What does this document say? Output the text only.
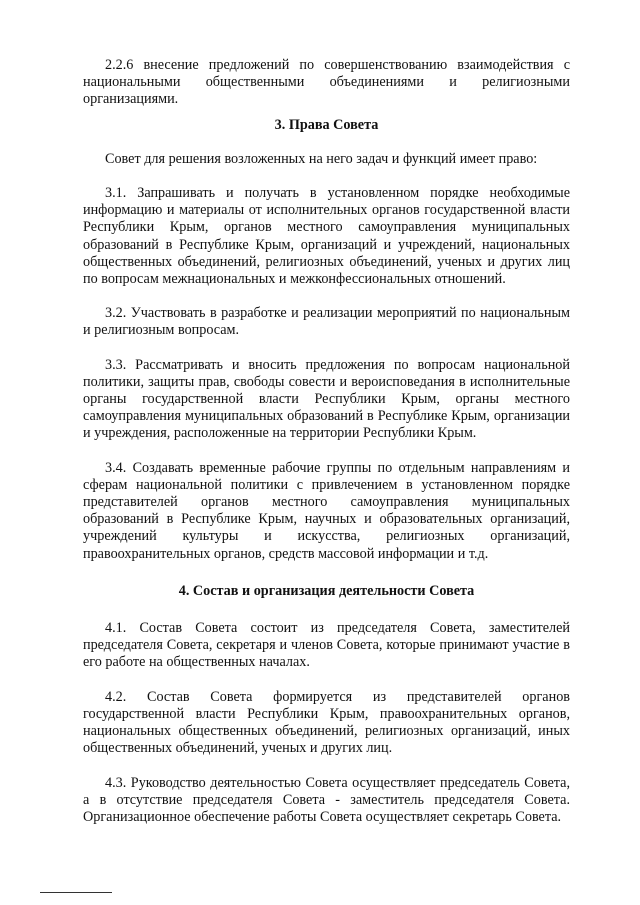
2.2.6 внесение предложений по совершенствованию взаимодействия с национальными общественными объединениями и религиозными организациями.

3. Права Совета

Совет для решения возложенных на него задач и функций имеет право:

3.1. Запрашивать и получать в установленном порядке необходимые информацию и материалы от исполнительных органов государственной власти Республики Крым, органов местного самоуправления муниципальных образований в Республике Крым, организаций и учреждений, национальных общественных объединений, религиозных объединений, ученых и других лиц по вопросам межнациональных и межконфессиональных отношений.

3.2. Участвовать в разработке и реализации мероприятий по национальным и религиозным вопросам.

3.3. Рассматривать и вносить предложения по вопросам национальной политики, защиты прав, свободы совести и вероисповедания в исполнительные органы государственной власти Республики Крым, органы местного самоуправления муниципальных образований в Республике Крым, организации и учреждения, расположенные на территории Республики Крым.

3.4. Создавать временные рабочие группы по отдельным направлениям и сферам национальной политики с привлечением в установленном порядке представителей органов местного самоуправления муниципальных образований в Республике Крым, научных и образовательных организаций, учреждений культуры и искусства, религиозных организаций, правоохранительных органов, средств массовой информации и т.д.

4. Состав и организация деятельности Совета

4.1. Состав Совета состоит из председателя Совета, заместителей председателя Совета, секретаря и членов Совета, которые принимают участие в его работе на общественных началах.

4.2. Состав Совета формируется из представителей органов государственной власти Республики Крым, правоохранительных органов, национальных общественных объединений, религиозных организаций, иных общественных объединений, ученых и других лиц.

4.3. Руководство деятельностью Совета осуществляет председатель Совета, а в отсутствие председателя Совета - заместитель председателя Совета. Организационное обеспечение работы Совета осуществляет секретарь Совета.
